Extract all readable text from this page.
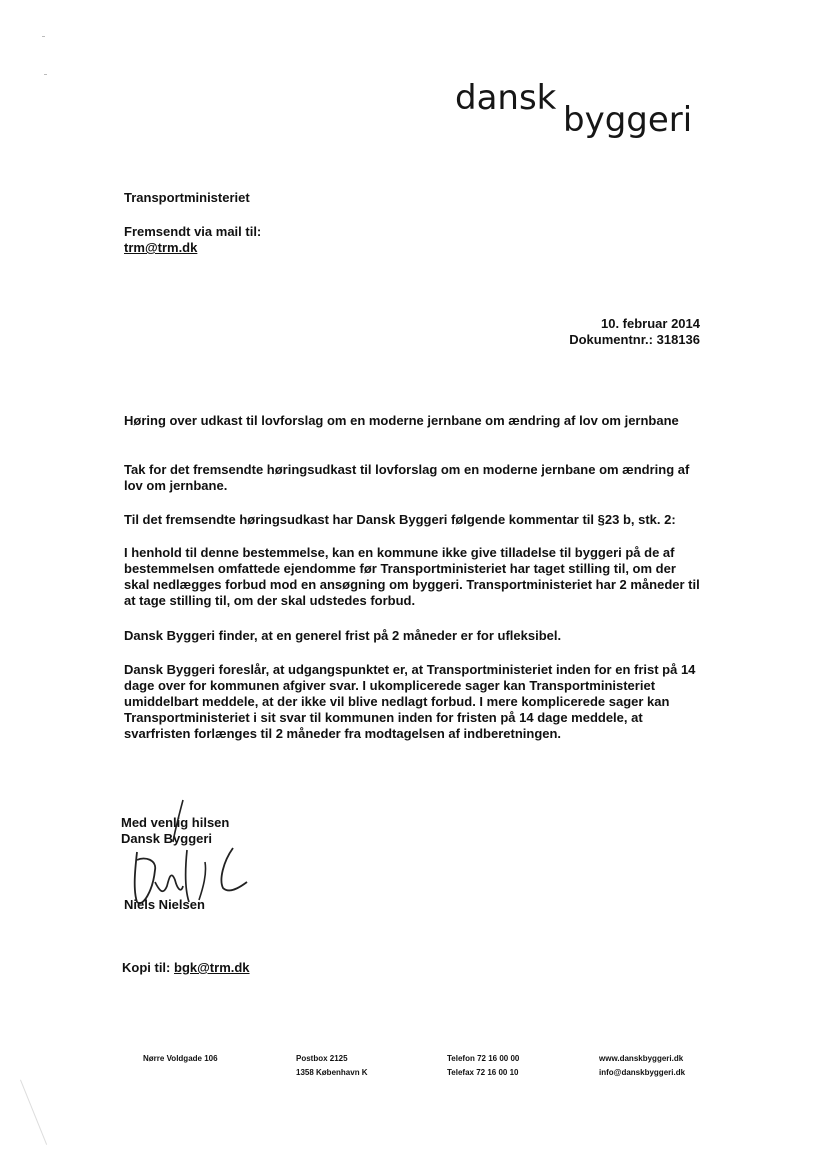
dansk
byggeri
Transportministeriet
Fremsendt via mail til:
trm@trm.dk
10. februar 2014
Dokumentnr.: 318136
Høring over udkast til lovforslag om en moderne jernbane om ændring af lov om jernbane

Tak for det fremsendte høringsudkast til lovforslag om en moderne jernbane om ændring af lov om jernbane.

Til det fremsendte høringsudkast har Dansk Byggeri følgende kommentar til §23 b, stk. 2:

I henhold til denne bestemmelse, kan en kommune ikke give tilladelse til byggeri på de af bestemmelsen omfattede ejendomme før Transportministeriet har taget stilling til, om der skal nedlægges forbud mod en ansøgning om byggeri. Transportministeriet har 2 måneder til at tage stilling til, om der skal udstedes forbud.

Dansk Byggeri finder, at en generel frist på 2 måneder er for ufleksibel.

Dansk Byggeri foreslår, at udgangspunktet er, at Transportministeriet inden for en frist på 14 dage over for kommunen afgiver svar. I ukomplicerede sager kan Transportministeriet umiddelbart meddele, at der ikke vil blive nedlagt forbud. I mere komplicerede sager kan Transportministeriet i sit svar til kommunen inden for fristen på 14 dage meddele, at svarfristen forlænges til 2 måneder fra modtagelsen af indberetningen.

Med venlig hilsen
Dansk Byggeri
Niels Nielsen
Kopi til: bgk@trm.dk
Nørre Voldgade 106	Postbox 2125
1358 København K
Telefon 72 16 00 00
Telefax 72 16 00 10
www.danskbyggeri.dk
info@danskbyggeri.dk
